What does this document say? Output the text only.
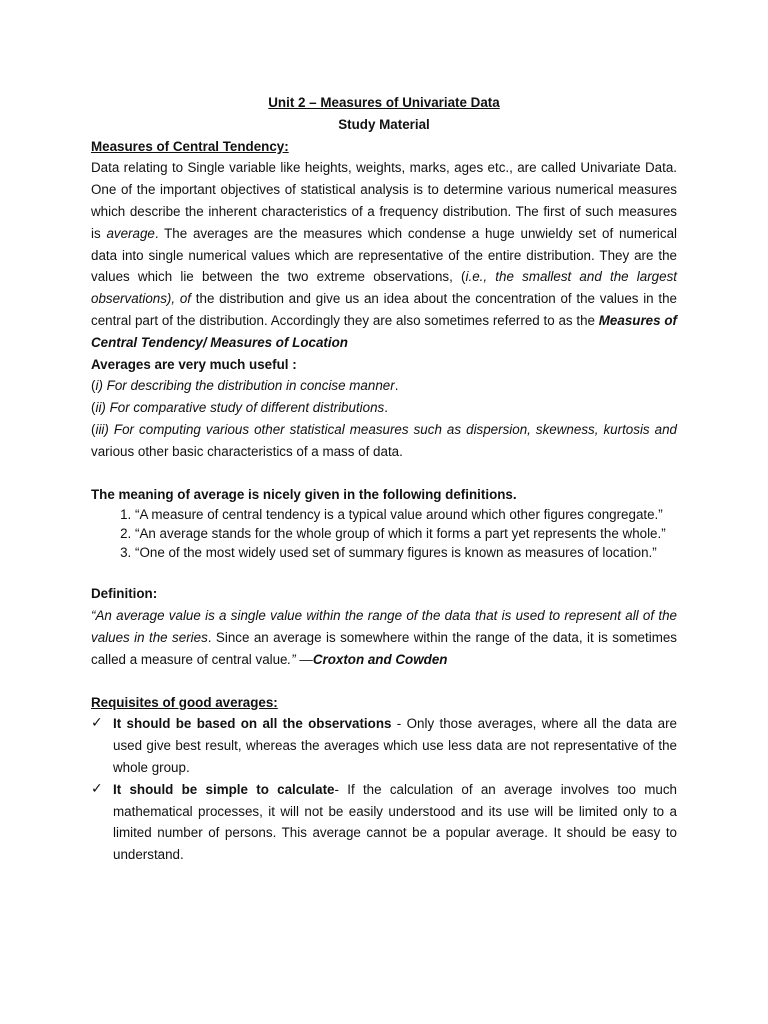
Unit 2 – Measures of Univariate Data

Study Material

Measures of Central Tendency:

Data relating to Single variable like heights, weights, marks, ages etc., are called Univariate Data. One of the important objectives of statistical analysis is to determine various numerical measures which describe the inherent characteristics of a frequency distribution. The first of such measures is average. The averages are the measures which condense a huge unwieldy set of numerical data into single numerical values which are representative of the entire distribution. They are the values which lie between the two extreme observations, (i.e., the smallest and the largest observations), of the distribution and give us an idea about the concentration of the values in the central part of the distribution. Accordingly they are also sometimes referred to as the Measures of Central Tendency/ Measures of Location

Averages are very much useful :

(i) For describing the distribution in concise manner.

(ii) For comparative study of different distributions.

(iii) For computing various other statistical measures such as dispersion, skewness, kurtosis and various other basic characteristics of a mass of data.

The meaning of average is nicely given in the following definitions.

1. “A measure of central tendency is a typical value around which other figures congregate.”
2. “An average stands for the whole group of which it forms a part yet represents the whole.”
3. “One of the most widely used set of summary figures is known as measures of location.”

Definition:

“An average value is a single value within the range of the data that is used to represent all of the values in the series. Since an average is somewhere within the range of the data, it is sometimes called a measure of central value.” —Croxton and Cowden

Requisites of good averages:

✓ It should be based on all the observations - Only those averages, where all the data are used give best result, whereas the averages which use less data are not representative of the whole group.
✓ It should be simple to calculate- If the calculation of an average involves too much mathematical processes, it will not be easily understood and its use will be limited only to a limited number of persons. This average cannot be a popular average. It should be easy to understand.
